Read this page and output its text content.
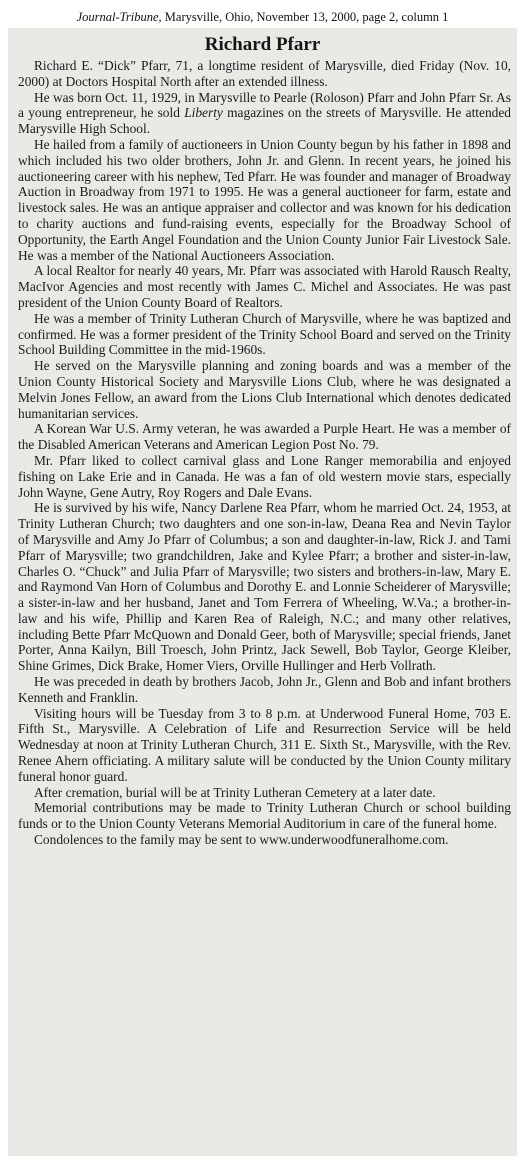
Journal-Tribune, Marysville, Ohio, November 13, 2000, page 2, column 1
Richard Pfarr

Richard E. “Dick” Pfarr, 71, a longtime resident of Marysville, died Friday (Nov. 10, 2000) at Doctors Hospital North after an extended illness.

He was born Oct. 11, 1929, in Marysville to Pearle (Roloson) Pfarr and John Pfarr Sr. As a young entrepreneur, he sold Liberty magazines on the streets of Marysville. He attended Marysville High School.

He hailed from a family of auctioneers in Union County begun by his father in 1898 and which included his two older brothers, John Jr. and Glenn. In recent years, he joined his auctioneering career with his nephew, Ted Pfarr. He was founder and manager of Broadway Auction in Broadway from 1971 to 1995. He was a general auctioneer for farm, estate and livestock sales. He was an antique appraiser and collector and was known for his dedication to charity auctions and fund-raising events, especially for the Broadway School of Opportunity, the Earth Angel Foundation and the Union County Junior Fair Livestock Sale. He was a member of the National Auctioneers Association.

A local Realtor for nearly 40 years, Mr. Pfarr was associated with Harold Rausch Realty, MacIvor Agencies and most recently with James C. Michel and Associates. He was past president of the Union County Board of Realtors.

He was a member of Trinity Lutheran Church of Marysville, where he was baptized and confirmed. He was a former president of the Trinity School Board and served on the Trinity School Building Committee in the mid-1960s.

He served on the Marysville planning and zoning boards and was a member of the Union County Historical Society and Marysville Lions Club, where he was designated a Melvin Jones Fellow, an award from the Lions Club International which denotes dedicated humanitarian services.

A Korean War U.S. Army veteran, he was awarded a Purple Heart. He was a member of the Disabled American Veterans and American Legion Post No. 79.

Mr. Pfarr liked to collect carnival glass and Lone Ranger memorabilia and enjoyed fishing on Lake Erie and in Canada. He was a fan of old western movie stars, especially John Wayne, Gene Autry, Roy Rogers and Dale Evans.

He is survived by his wife, Nancy Darlene Rea Pfarr, whom he married Oct. 24, 1953, at Trinity Lutheran Church; two daughters and one son-in-law, Deana Rea and Nevin Taylor of Marysville and Amy Jo Pfarr of Columbus; a son and daughter-in-law, Rick J. and Tami Pfarr of Marysville; two grandchildren, Jake and Kylee Pfarr; a brother and sister-in-law, Charles O. “Chuck” and Julia Pfarr of Marysville; two sisters and brothers-in-law, Mary E. and Raymond Van Horn of Columbus and Dorothy E. and Lonnie Scheiderer of Marysville; a sister-in-law and her husband, Janet and Tom Ferrera of Wheeling, W.Va.; a brother-in-law and his wife, Phillip and Karen Rea of Raleigh, N.C.; and many other relatives, including Bette Pfarr McQuown and Donald Geer, both of Marysville; special friends, Janet Porter, Anna Kailyn, Bill Troesch, John Printz, Jack Sewell, Bob Taylor, George Kleiber, Shine Grimes, Dick Brake, Homer Viers, Orville Hullinger and Herb Vollrath.

He was preceded in death by brothers Jacob, John Jr., Glenn and Bob and infant brothers Kenneth and Franklin.

Visiting hours will be Tuesday from 3 to 8 p.m. at Underwood Funeral Home, 703 E. Fifth St., Marysville. A Celebration of Life and Resurrection Service will be held Wednesday at noon at Trinity Lutheran Church, 311 E. Sixth St., Marysville, with the Rev. Renee Ahern officiating. A military salute will be conducted by the Union County military funeral honor guard.

After cremation, burial will be at Trinity Lutheran Cemetery at a later date.

Memorial contributions may be made to Trinity Lutheran Church or school building funds or to the Union County Veterans Memorial Auditorium in care of the funeral home.

Condolences to the family may be sent to www.underwoodfuneralhome.com.
